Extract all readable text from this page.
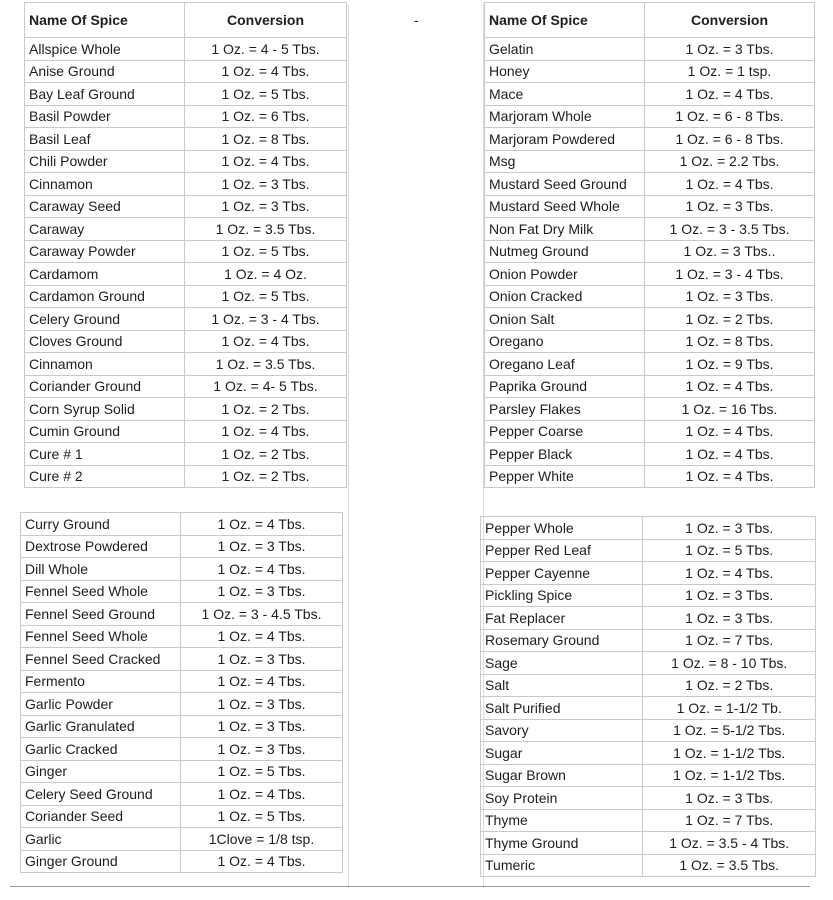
-
Name Of Spice	Conversion
Allspice Whole	1 Oz. = 4 - 5 Tbs.
Anise Ground	1 Oz. = 4 Tbs.
Bay Leaf Ground	1 Oz. = 5 Tbs.
Basil Powder	1 Oz. = 6 Tbs.
Basil Leaf	1 Oz. = 8 Tbs.
Chili Powder	1 Oz. = 4 Tbs.
Cinnamon	1 Oz. = 3 Tbs.
Caraway Seed	1 Oz. = 3 Tbs.
Caraway	1 Oz. = 3.5 Tbs.
Caraway Powder	1 Oz. = 5 Tbs.
Cardamom	1 Oz. = 4 Oz.
Cardamon Ground	1 Oz. = 5 Tbs.
Celery Ground	1 Oz. = 3 - 4 Tbs.
Cloves Ground	1 Oz. = 4 Tbs.
Cinnamon	1 Oz. = 3.5 Tbs.
Coriander Ground	1 Oz. = 4- 5 Tbs.
Corn Syrup Solid	1 Oz. = 2 Tbs.
Cumin Ground	1 Oz. = 4 Tbs.
Cure # 1	1 Oz. = 2 Tbs.
Cure # 2	1 Oz. = 2 Tbs.
Curry Ground	1 Oz. = 4 Tbs.
Dextrose Powdered	1 Oz. = 3 Tbs.
Dill Whole	1 Oz. = 4 Tbs.
Fennel Seed Whole	1 Oz. = 3 Tbs.
Fennel Seed Ground	1 Oz. = 3 - 4.5 Tbs.
Fennel Seed Whole	1 Oz. = 4 Tbs.
Fennel Seed Cracked	1 Oz. = 3 Tbs.
Fermento	1 Oz. = 4 Tbs.
Garlic Powder	1 Oz. = 3 Tbs.
Garlic Granulated	1 Oz. = 3 Tbs.
Garlic Cracked	1 Oz. = 3 Tbs.
Ginger	1 Oz. = 5 Tbs.
Celery Seed Ground	1 Oz. = 4 Tbs.
Coriander Seed	1 Oz. = 5 Tbs.
Garlic	1Clove = 1/8 tsp.
Ginger Ground	1 Oz. = 4 Tbs.
Name Of Spice	Conversion
Gelatin	1 Oz. = 3 Tbs.
Honey	1 Oz. = 1 tsp.
Mace	1 Oz. = 4 Tbs.
Marjoram Whole	1 Oz. = 6 - 8 Tbs.
Marjoram Powdered	1 Oz. = 6 - 8 Tbs.
Msg	1 Oz. = 2.2 Tbs.
Mustard Seed Ground	1 Oz. = 4 Tbs.
Mustard Seed Whole	1 Oz. = 3 Tbs.
Non Fat Dry Milk	1 Oz. = 3 - 3.5 Tbs.
Nutmeg Ground	1 Oz. = 3 Tbs..
Onion Powder	1 Oz. = 3 - 4 Tbs.
Onion Cracked	1 Oz. = 3 Tbs.
Onion Salt	1 Oz. = 2 Tbs.
Oregano	1 Oz. = 8 Tbs.
Oregano Leaf	1 Oz. = 9 Tbs.
Paprika Ground	1 Oz. = 4 Tbs.
Parsley Flakes	1 Oz. = 16 Tbs.
Pepper Coarse	1 Oz. = 4 Tbs.
Pepper Black	1 Oz. = 4 Tbs.
Pepper White	1 Oz. = 4 Tbs.
Pepper Whole	1 Oz. = 3 Tbs.
Pepper Red Leaf	1 Oz. = 5 Tbs.
Pepper Cayenne	1 Oz. = 4 Tbs.
Pickling Spice	1 Oz. = 3 Tbs.
Fat Replacer	1 Oz. = 3 Tbs.
Rosemary Ground	1 Oz. = 7 Tbs.
Sage	1 Oz. = 8 - 10 Tbs.
Salt	1 Oz. = 2 Tbs.
Salt Purified	1 Oz. = 1-1/2 Tb.
Savory	1 Oz. = 5-1/2 Tbs.
Sugar	1 Oz. = 1-1/2 Tbs.
Sugar Brown	1 Oz. = 1-1/2 Tbs.
Soy Protein	1 Oz. = 3 Tbs.
Thyme	1 Oz. = 7 Tbs.
Thyme Ground	1 Oz. = 3.5 - 4 Tbs.
Tumeric	1 Oz. = 3.5 Tbs.
